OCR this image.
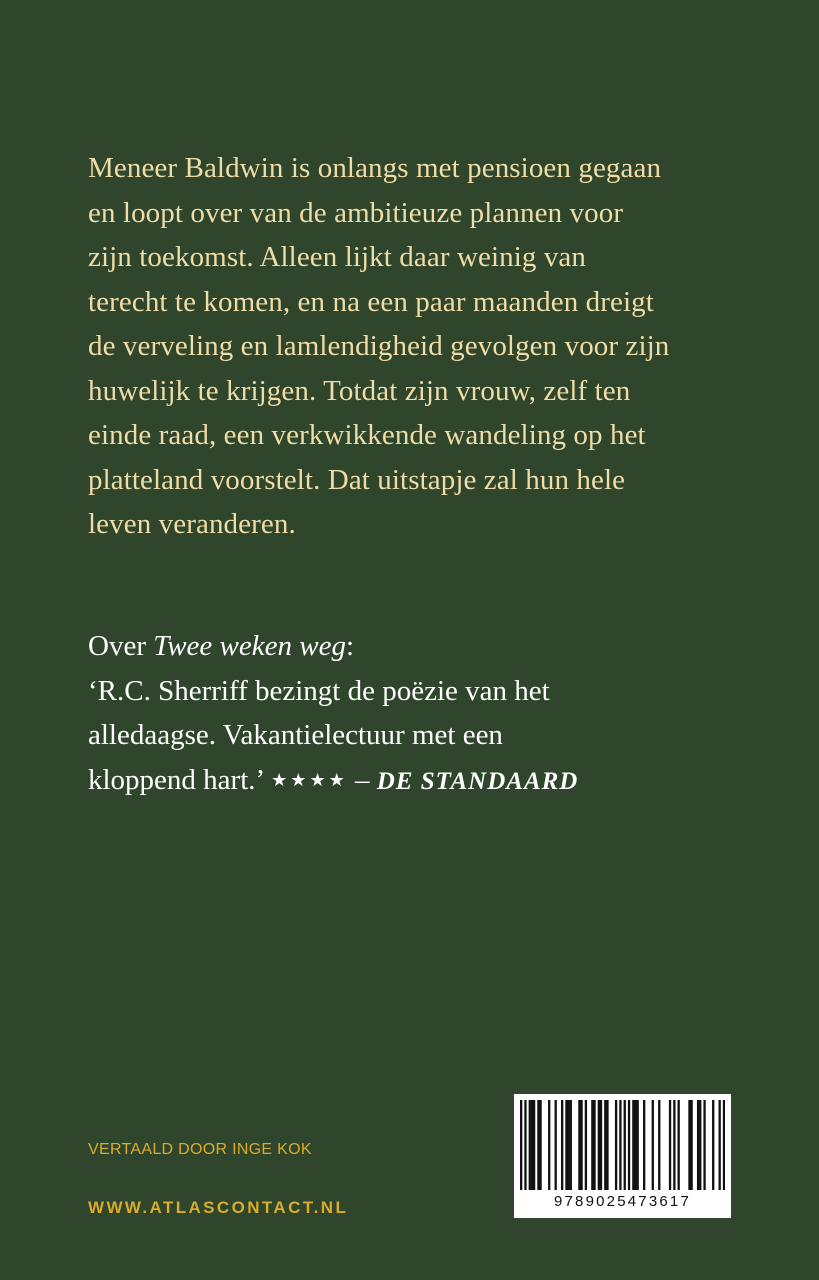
Meneer Baldwin is onlangs met pensioen gegaan
en loopt over van de ambitieuze plannen voor
zijn toekomst. Alleen lijkt daar weinig van
terecht te komen, en na een paar maanden dreigt
de verveling en lamlendigheid gevolgen voor zijn
huwelijk te krijgen. Totdat zijn vrouw, zelf ten
einde raad, een verkwikkende wandeling op het
platteland voorstelt. Dat uitstapje zal hun hele
leven veranderen.
Over Twee weken weg:
‘R.C. Sherriff bezingt de poëzie van het
alledaagse. Vakantielectuur met een
kloppend hart.’ ★★★★ – DE STANDAARD
VERTAALD DOOR INGE KOK
WWW.ATLASCONTACT.NL	9789025473617
